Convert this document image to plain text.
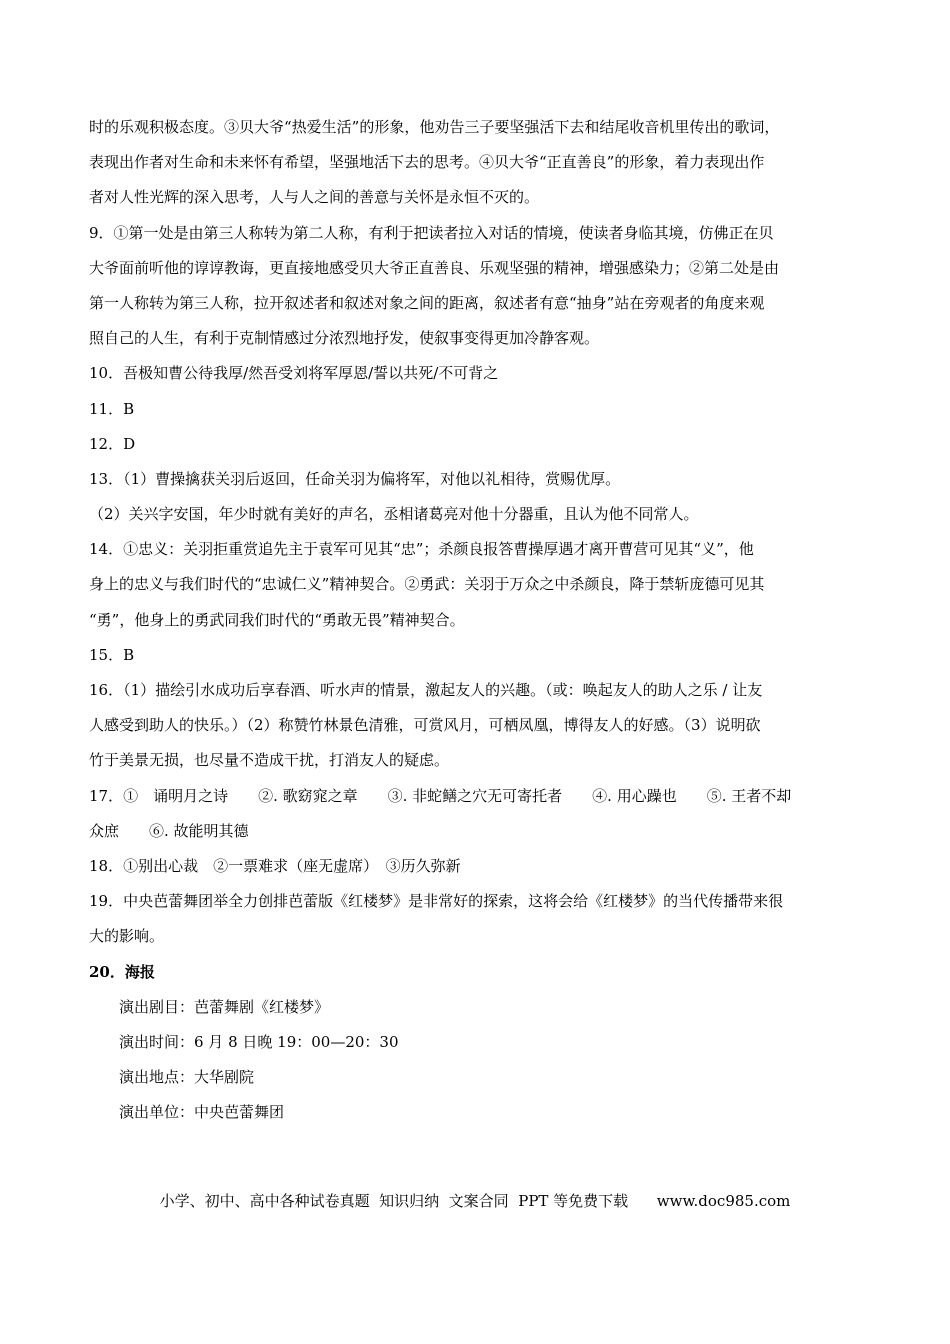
时的乐观积极态度。③贝大爷“热爱生活”的形象，他劝告三子要坚强活下去和结尾收音机里传出的歌词，
表现出作者对生命和未来怀有希望，坚强地活下去的思考。④贝大爷“正直善良”的形象，着力表现出作
者对人性光辉的深入思考，人与人之间的善意与关怀是永恒不灭的。
9．①第一处是由第三人称转为第二人称，有利于把读者拉入对话的情境，使读者身临其境，仿佛正在贝
大爷面前听他的谆谆教诲，更直接地感受贝大爷正直善良、乐观坚强的精神，增强感染力；②第二处是由
第一人称转为第三人称，拉开叙述者和叙述对象之间的距离，叙述者有意“抽身”站在旁观者的角度来观
照自己的人生，有利于克制情感过分浓烈地抒发，使叙事变得更加冷静客观。
10．吾极知曹公待我厚/然吾受刘将军厚恩/誓以共死/不可背之
11．B
12．D
13．（1）曹操擒获关羽后返回，任命关羽为偏将军，对他以礼相待，赏赐优厚。
（2）关兴字安国，年少时就有美好的声名，丞相诸葛亮对他十分器重，且认为他不同常人。
14．①忠义：关羽拒重赏追先主于袁军可见其“忠”；杀颜良报答曹操厚遇才离开曹营可见其“义”，他
身上的忠义与我们时代的“忠诚仁义”精神契合。②勇武：关羽于万众之中杀颜良，降于禁斩庞德可见其
“勇”，他身上的勇武同我们时代的“勇敢无畏”精神契合。
15．B
16．（1）描绘引水成功后享春酒、听水声的情景，激起友人的兴趣。（或：唤起友人的助人之乐 / 让友
人感受到助人的快乐。）（2）称赞竹林景色清雅，可赏风月，可栖凤凰，博得友人的好感。（3）说明砍
竹于美景无损，也尽量不造成干扰，打消友人的疑虑。
17．①　诵明月之诗　　②. 歌窈窕之章　　③. 非蛇鳝之穴无可寄托者　　④. 用心躁也　　⑤. 王者不却
众庶　　⑥. 故能明其德
18．①别出心裁　②一票难求（座无虚席）　③历久弥新
19．中央芭蕾舞团举全力创排芭蕾版《红楼梦》是非常好的探索，这将会给《红楼梦》的当代传播带来很
大的影响。
20．海报
演出剧目：芭蕾舞剧《红楼梦》
演出时间：6 月 8 日晚 19：00—20：30
演出地点：大华剧院
演出单位：中央芭蕾舞团
小学、初中、高中各种试卷真题  知识归纳  文案合同  PPT 等免费下载      www.doc985.com
